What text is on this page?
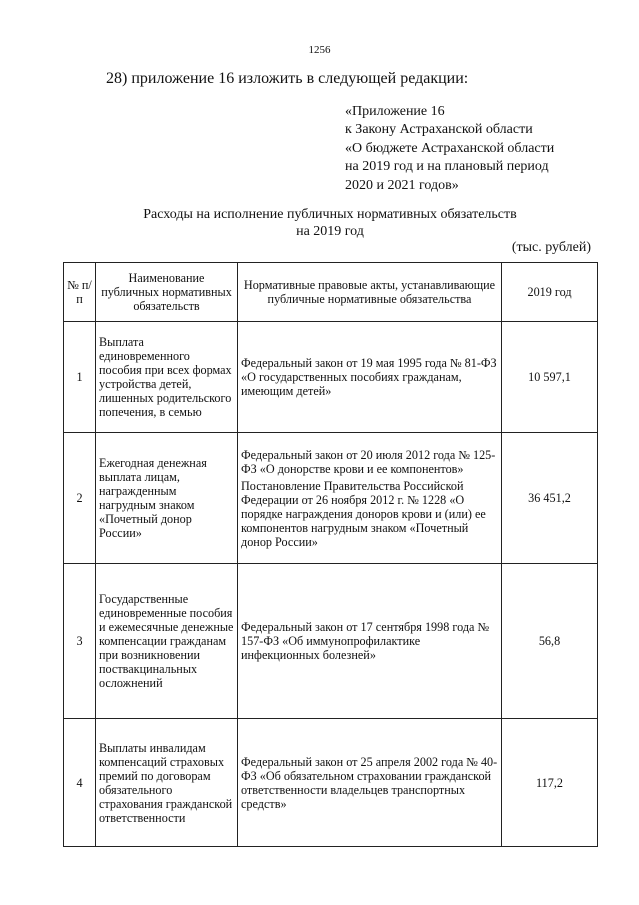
1256
28) приложение 16 изложить в следующей редакции:
«Приложение 16
к Закону Астраханской области
«О бюджете Астраханской области
на 2019 год и на плановый период
2020 и 2021 годов»
Расходы на исполнение публичных нормативных обязательств
на 2019 год
(тыс. рублей)
№ п/п	Наименование публичных нормативных обязательств	Нормативные правовые акты, устанавливающие публичные нормативные обязательства	2019 год
1	Выплата единовременного пособия при всех формах устройства детей, лишенных родительского попечения, в семью	Федеральный закон от 19 мая 1995 года № 81-ФЗ «О государственных пособиях гражданам, имеющим детей»	10 597,1
2	Ежегодная денежная выплата лицам, награжденным нагрудным знаком «Почетный донор России»	Федеральный закон от 20 июля 2012 года № 125-ФЗ «О донорстве крови и ее компонентов»
Постановление Правительства Российской Федерации от 26 ноября 2012 г. № 1228 «О порядке награждения доноров крови и (или) ее компонентов нагрудным знаком «Почетный донор России»	36 451,2
3	Государственные единовременные пособия и ежемесячные денежные компенсации гражданам при возникновении поствакцинальных осложнений	Федеральный закон от 17 сентября 1998 года № 157-ФЗ «Об иммунопрофилактике инфекционных болезней»	56,8
4	Выплаты инвалидам компенсаций страховых премий по договорам обязательного страхования гражданской ответственности	Федеральный закон от 25 апреля 2002 года № 40-ФЗ «Об обязательном страховании гражданской ответственности владельцев транспортных средств»	117,2
